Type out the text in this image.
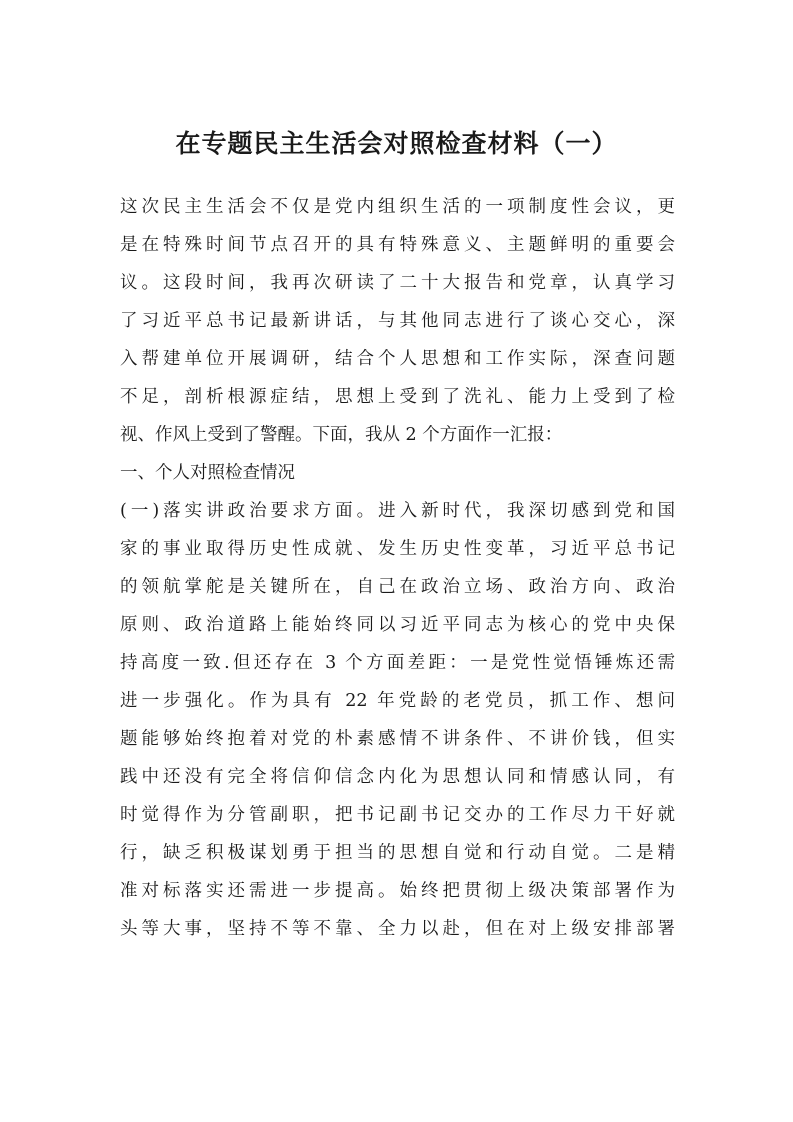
在专题民主生活会对照检查材料（一）
这次民主生活会不仅是党内组织生活的一项制度性会议，更
是在特殊时间节点召开的具有特殊意义、主题鲜明的重要会
议。这段时间，我再次研读了二十大报告和党章，认真学习
了习近平总书记最新讲话，与其他同志进行了谈心交心，深
入帮建单位开展调研，结合个人思想和工作实际，深查问题
不足，剖析根源症结，思想上受到了洗礼、能力上受到了检
视、作风上受到了警醒。下面，我从 2 个方面作一汇报：
一、个人对照检查情况
(一)落实讲政治要求方面。进入新时代，我深切感到党和国
家的事业取得历史性成就、发生历史性变革，习近平总书记
的领航掌舵是关键所在，自己在政治立场、政治方向、政治
原则、政治道路上能始终同以习近平同志为核心的党中央保
持高度一致.但还存在 3 个方面差距：一是党性觉悟锤炼还需
进一步强化。作为具有 22 年党龄的老党员，抓工作、想问
题能够始终抱着对党的朴素感情不讲条件、不讲价钱，但实
践中还没有完全将信仰信念内化为思想认同和情感认同，有
时觉得作为分管副职，把书记副书记交办的工作尽力干好就
行，缺乏积极谋划勇于担当的思想自觉和行动自觉。二是精
准对标落实还需进一步提高。始终把贯彻上级决策部署作为
头等大事，坚持不等不靠、全力以赴，但在对上级安排部署
